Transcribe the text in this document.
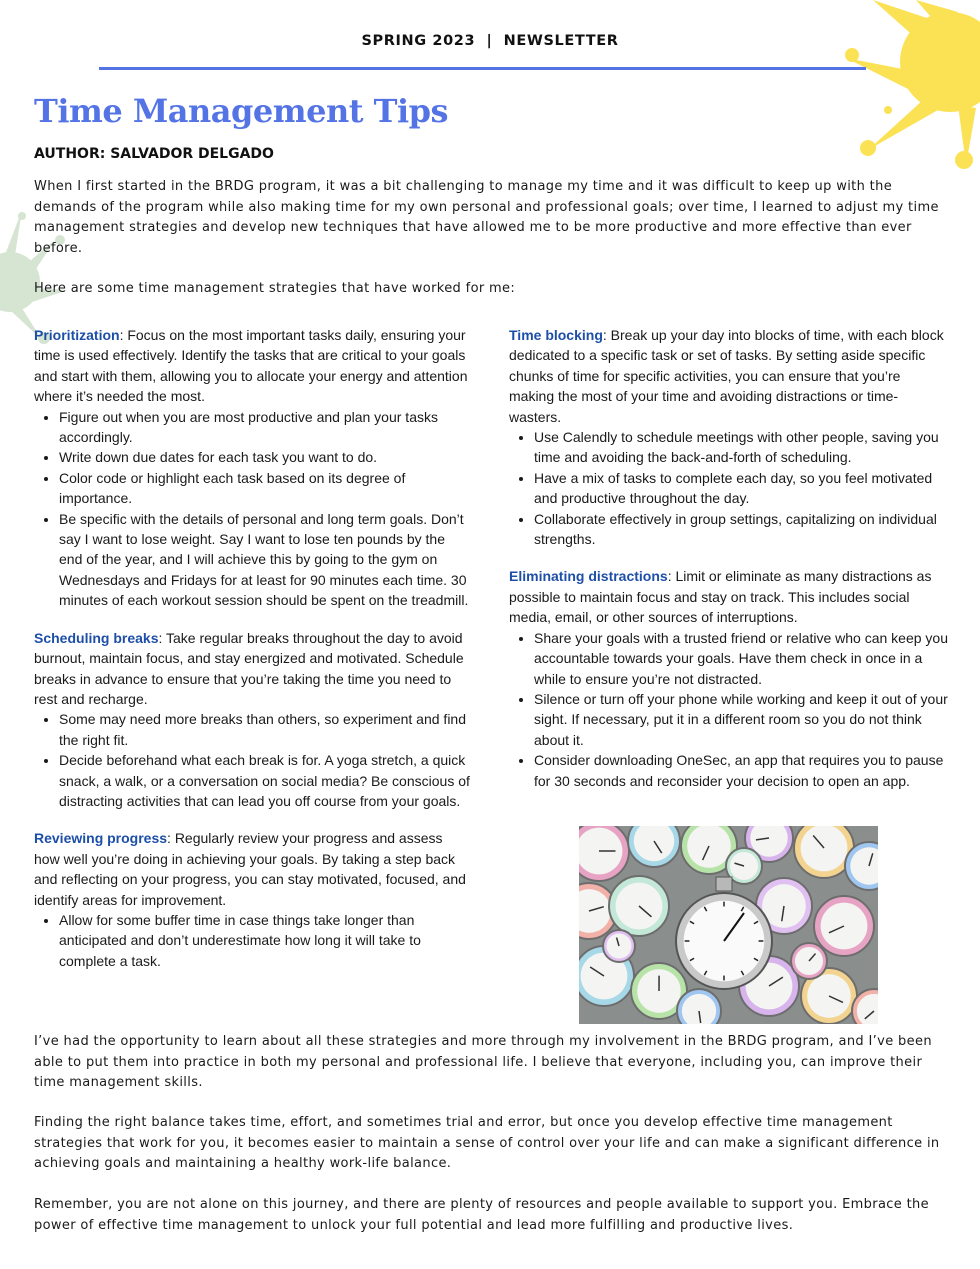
SPRING 2023  |  NEWSLETTER
Time Management Tips
AUTHOR: SALVADOR DELGADO

When I first started in the BRDG program, it was a bit challenging to manage my time and it was difficult to keep up with the demands of the program while also making time for my own personal and professional goals; over time, I learned to adjust my time management strategies and develop new techniques that have allowed me to be more productive and more effective than ever before.

Here are some time management strategies that have worked for me:

Prioritization: Focus on the most important tasks daily, ensuring your time is used effectively. Identify the tasks that are critical to your goals and start with them, allowing you to allocate your energy and attention where it’s needed the most.

• Figure out when you are most productive and plan your tasks accordingly.
• Write down due dates for each task you want to do.
• Color code or highlight each task based on its degree of importance.
• Be specific with the details of personal and long term goals. Don’t say I want to lose weight. Say I want to lose ten pounds by the end of the year, and I will achieve this by going to the gym on Wednesdays and Fridays for at least for 90 minutes each time. 30 minutes of each workout session should be spent on the treadmill.

Scheduling breaks: Take regular breaks throughout the day to avoid burnout, maintain focus, and stay energized and motivated. Schedule breaks in advance to ensure that you’re taking the time you need to rest and recharge.

• Some may need more breaks than others, so experiment and find the right fit.
• Decide beforehand what each break is for. A yoga stretch, a quick snack, a walk, or a conversation on social media? Be conscious of distracting activities that can lead you off course from your goals.

Reviewing progress: Regularly review your progress and assess how well you’re doing in achieving your goals. By taking a step back and reflecting on your progress, you can stay motivated, focused, and identify areas for improvement.

• Allow for some buffer time in case things take longer than anticipated and don’t underestimate how long it will take to complete a task.

Time blocking: Break up your day into blocks of time, with each block dedicated to a specific task or set of tasks. By setting aside specific chunks of time for specific activities, you can ensure that you’re making the most of your time and avoiding distractions or time-wasters.

• Use Calendly to schedule meetings with other people, saving you time and avoiding the back-and-forth of scheduling.
• Have a mix of tasks to complete each day, so you feel motivated and productive throughout the day.
• Collaborate effectively in group settings, capitalizing on individual strengths.

Eliminating distractions: Limit or eliminate as many distractions as possible to maintain focus and stay on track. This includes social media, email, or other sources of interruptions.

• Share your goals with a trusted friend or relative who can keep you accountable towards your goals. Have them check in once in a while to ensure you’re not distracted.
• Silence or turn off your phone while working and keep it out of your sight. If necessary, put it in a different room so you do not think about it.
• Consider downloading OneSec, an app that requires you to pause for 30 seconds and reconsider your decision to open an app.

I’ve had the opportunity to learn about all these strategies and more through my involvement in the BRDG program, and I’ve been able to put them into practice in both my personal and professional life. I believe that everyone, including you, can improve their time management skills.

Finding the right balance takes time, effort, and sometimes trial and error, but once you develop effective time management strategies that work for you, it becomes easier to maintain a sense of control over your life and can make a significant difference in achieving goals and maintaining a healthy work-life balance.

Remember, you are not alone on this journey, and there are plenty of resources and people available to support you. Embrace the power of effective time management to unlock your full potential and lead more fulfilling and productive lives.
